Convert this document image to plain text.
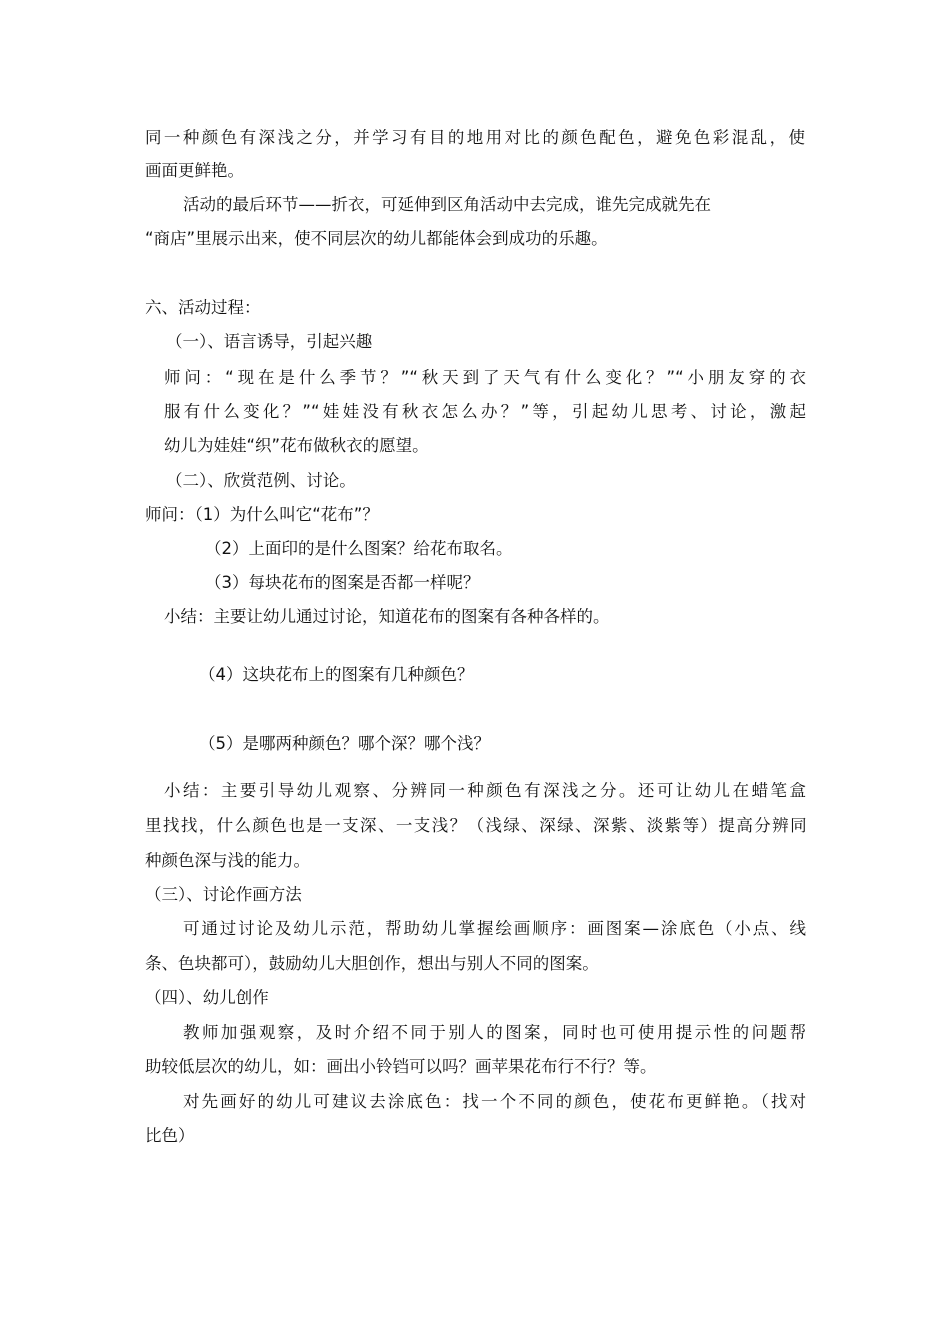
同一种颜色有深浅之分，并学习有目的地用对比的颜色配色，避免色彩混乱，使
画面更鲜艳。
活动的最后环节——折衣，可延伸到区角活动中去完成，谁先完成就先在
“商店”里展示出来，使不同层次的幼儿都能体会到成功的乐趣。
六、活动过程：
（一）、语言诱导，引起兴趣
师问：“现在是什么季节？”“秋天到了天气有什么变化？”“小朋友穿的衣
服有什么变化？”“娃娃没有秋衣怎么办？”等，引起幼儿思考、讨论，激起
幼儿为娃娃“织”花布做秋衣的愿望。
（二）、欣赏范例、讨论。
师问：（1）为什么叫它“花布”？
（2）上面印的是什么图案？给花布取名。
（3）每块花布的图案是否都一样呢？
小结：主要让幼儿通过讨论，知道花布的图案有各种各样的。
（4）这块花布上的图案有几种颜色？
（5）是哪两种颜色？哪个深？哪个浅？
小结：主要引导幼儿观察、分辨同一种颜色有深浅之分。还可让幼儿在蜡笔盒
里找找，什么颜色也是一支深、一支浅？（浅绿、深绿、深紫、淡紫等）提高分辨同
种颜色深与浅的能力。
（三）、讨论作画方法
可通过讨论及幼儿示范，帮助幼儿掌握绘画顺序：画图案—涂底色（小点、线
条、色块都可），鼓励幼儿大胆创作，想出与别人不同的图案。
（四）、幼儿创作
教师加强观察，及时介绍不同于别人的图案，同时也可使用提示性的问题帮
助较低层次的幼儿，如：画出小铃铛可以吗？画苹果花布行不行？等。
对先画好的幼儿可建议去涂底色：找一个不同的颜色，使花布更鲜艳。（找对
比色）
